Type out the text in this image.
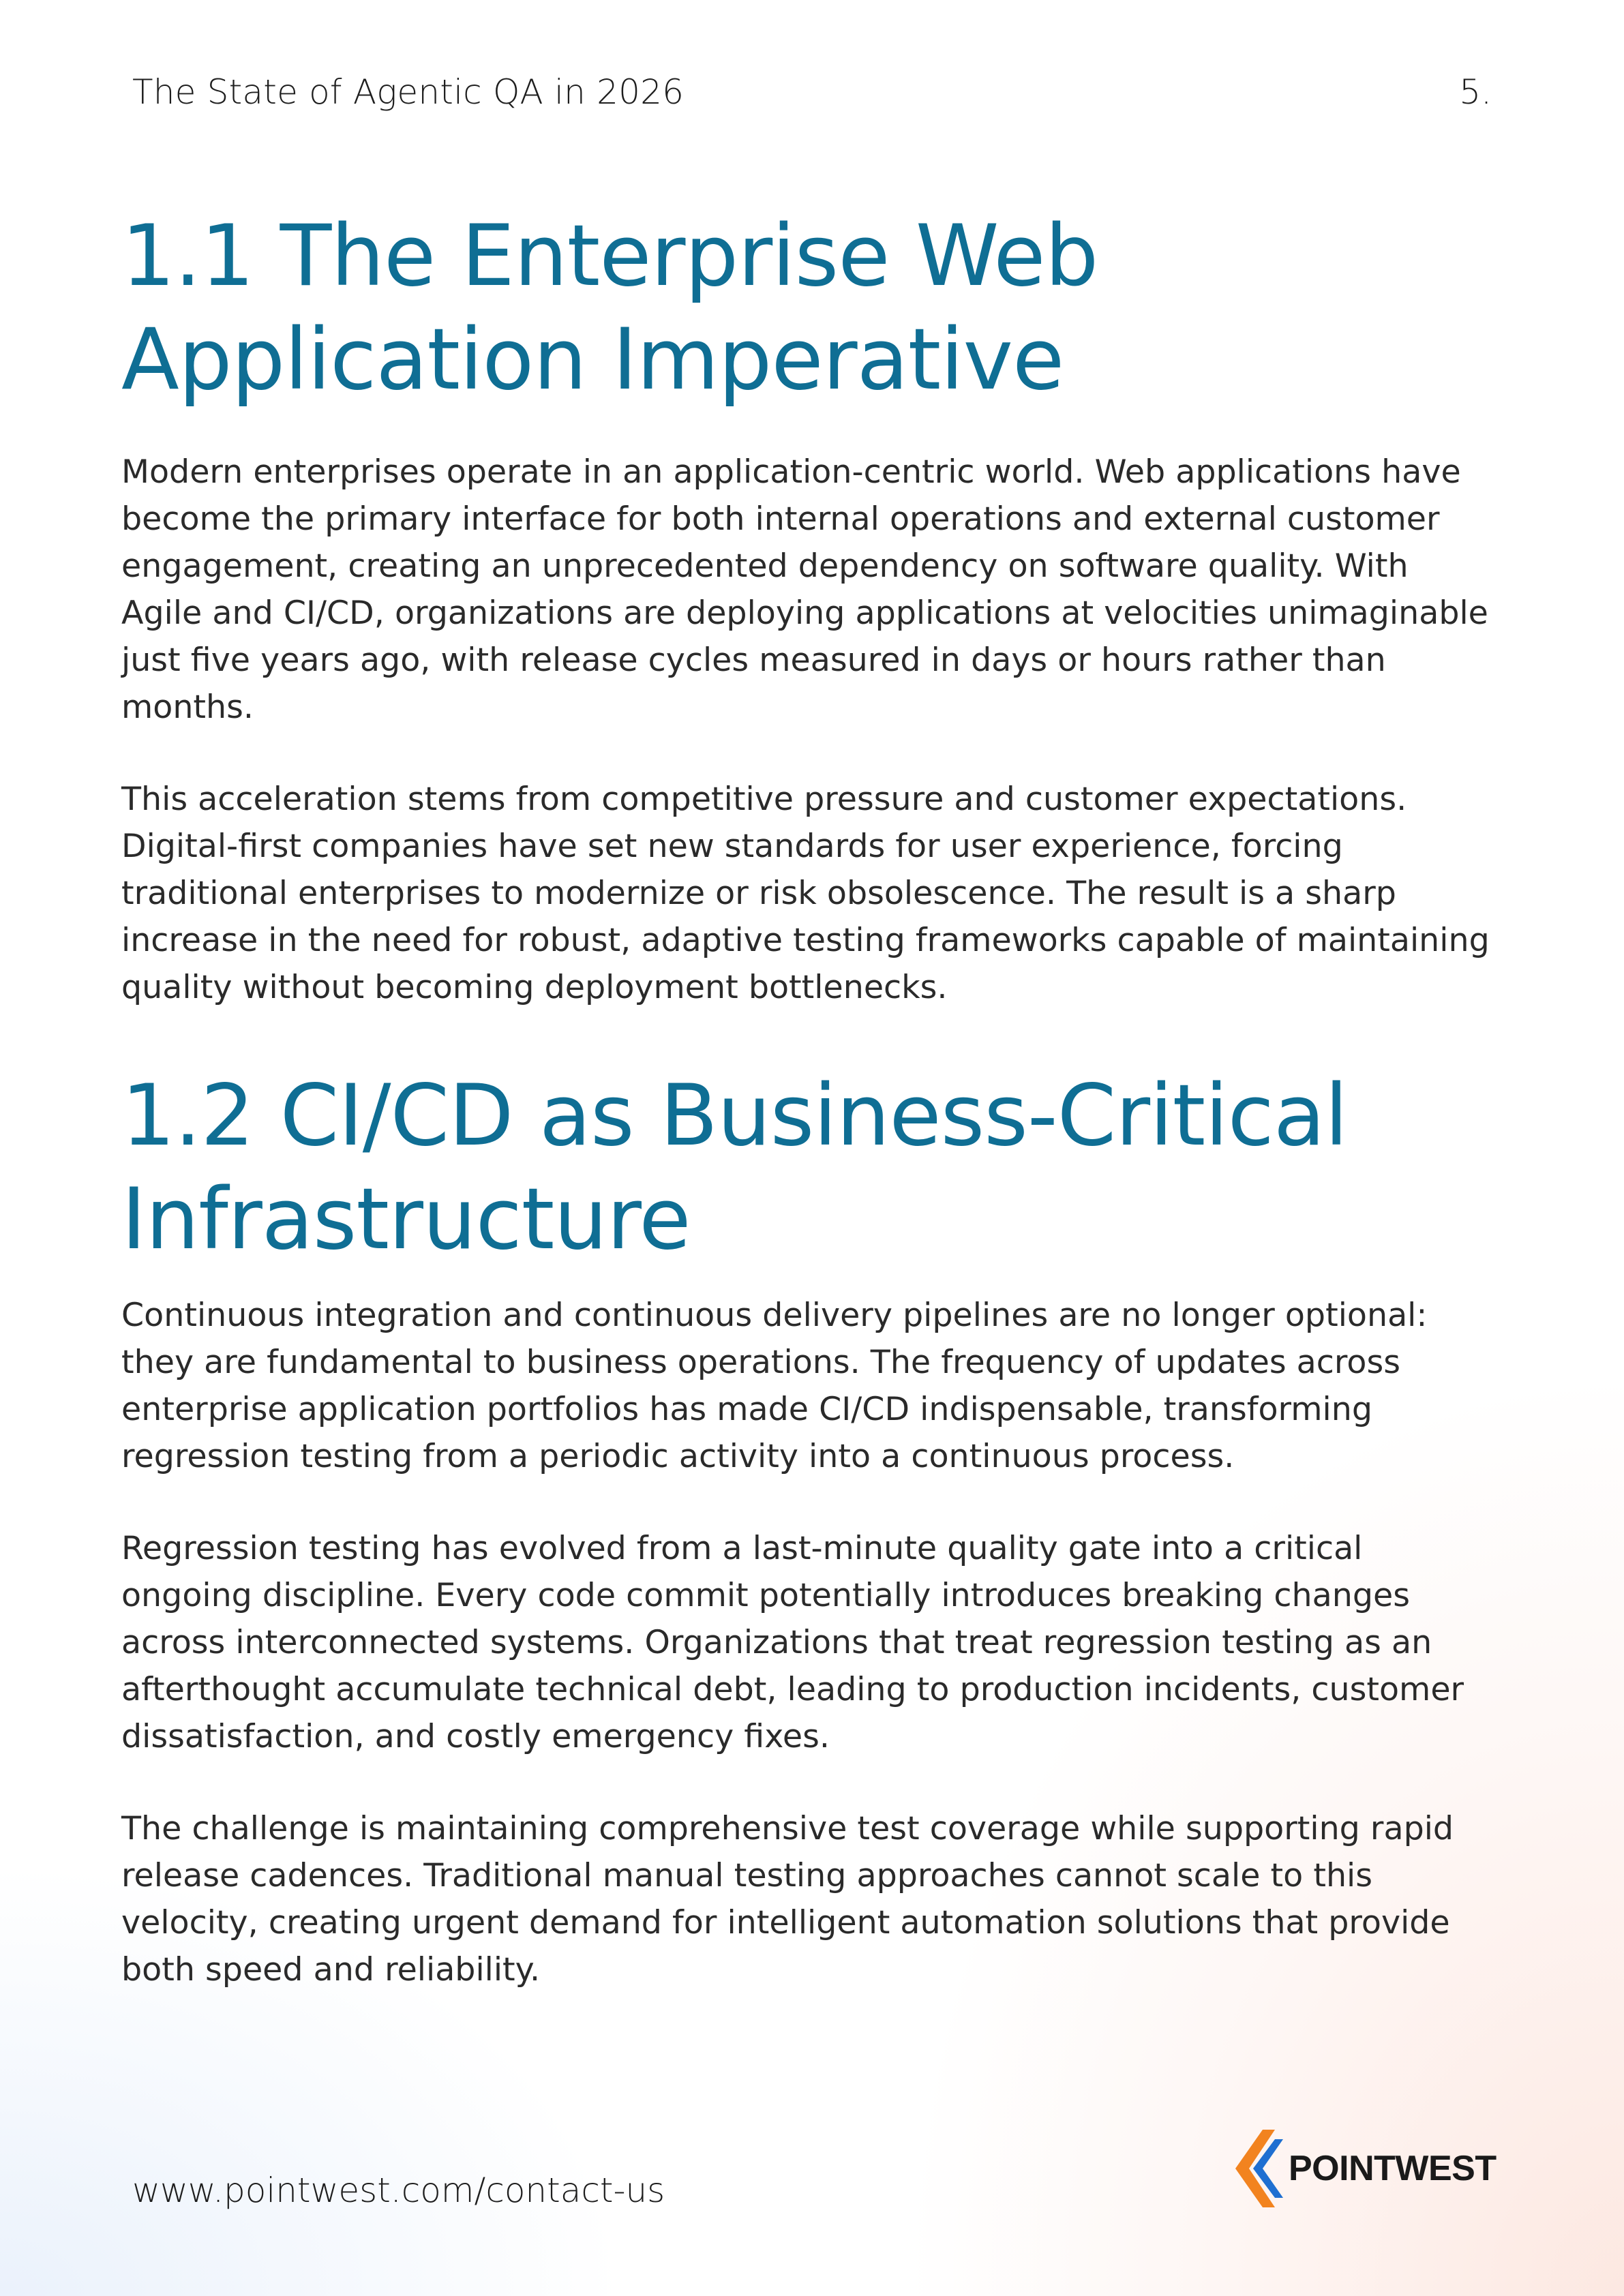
The State of Agentic QA in 2026	5.
1.1 The Enterprise Web
Application Imperative

Modern enterprises operate in an application-centric world. Web applications have become the primary interface for both internal operations and external customer engagement, creating an unprecedented dependency on software quality. With Agile and CI/CD, organizations are deploying applications at velocities unimaginable just five years ago, with release cycles measured in days or hours rather than months.

This acceleration stems from competitive pressure and customer expectations. Digital-first companies have set new standards for user experience, forcing traditional enterprises to modernize or risk obsolescence. The result is a sharp increase in the need for robust, adaptive testing frameworks capable of maintaining quality without becoming deployment bottlenecks.

1.2 CI/CD as Business-Critical
Infrastructure

Continuous integration and continuous delivery pipelines are no longer optional: they are fundamental to business operations. The frequency of updates across enterprise application portfolios has made CI/CD indispensable, transforming regression testing from a periodic activity into a continuous process.

Regression testing has evolved from a last-minute quality gate into a critical ongoing discipline. Every code commit potentially introduces breaking changes across interconnected systems. Organizations that treat regression testing as an afterthought accumulate technical debt, leading to production incidents, customer dissatisfaction, and costly emergency fixes.

The challenge is maintaining comprehensive test coverage while supporting rapid release cadences. Traditional manual testing approaches cannot scale to this velocity, creating urgent demand for intelligent automation solutions that provide both speed and reliability.

www.pointwest.com/contact-us
POINTWEST
